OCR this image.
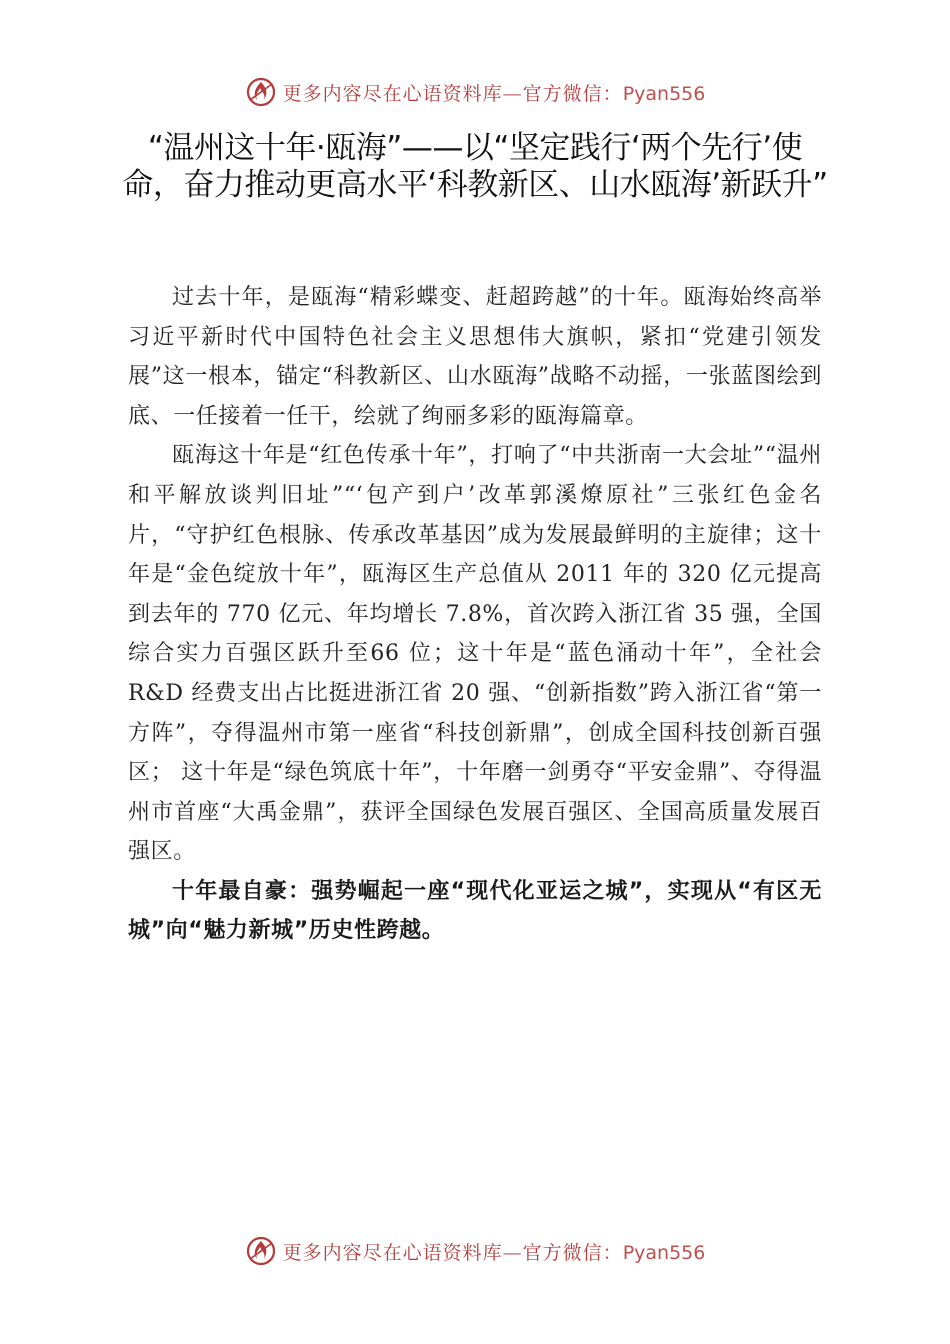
更多内容尽在心语资料库—官方微信：Pyan556
“温州这十年·瓯海”——以“坚定践行‘两个先行’使命，奋力推动更高水平‘科教新区、山水瓯海’新跃升”

过去十年，是瓯海“精彩蝶变、赶超跨越”的十年。瓯海始终高举习近平新时代中国特色社会主义思想伟大旗帜，紧扣“党建引领发展”这一根本，锚定“科教新区、山水瓯海”战略不动摇，一张蓝图绘到底、一任接着一任干，绘就了绚丽多彩的瓯海篇章。

瓯海这十年是“红色传承十年”，打响了“中共浙南一大会址”“温州和平解放谈判旧址”“‘包产到户’改革郭溪燎原社”三张红色金名片，“守护红色根脉、传承改革基因”成为发展最鲜明的主旋律；这十年是“金色绽放十年”，瓯海区生产总值从 2011 年的 320 亿元提高到去年的 770 亿元、年均增长 7.8%，首次跨入浙江省 35 强，全国综合实力百强区跃升至66 位；这十年是“蓝色涌动十年”，全社会 R&D 经费支出占比挺进浙江省 20 强、“创新指数”跨入浙江省“第一方阵”，夺得温州市第一座省“科技创新鼎”，创成全国科技创新百强区； 这十年是“绿色筑底十年”，十年磨一剑勇夺“平安金鼎”、夺得温州市首座“大禹金鼎”，获评全国绿色发展百强区、全国高质量发展百强区。

十年最自豪：强势崛起一座“现代化亚运之城”，实现从“有区无城”向“魅力新城”历史性跨越。

更多内容尽在心语资料库—官方微信：Pyan556
